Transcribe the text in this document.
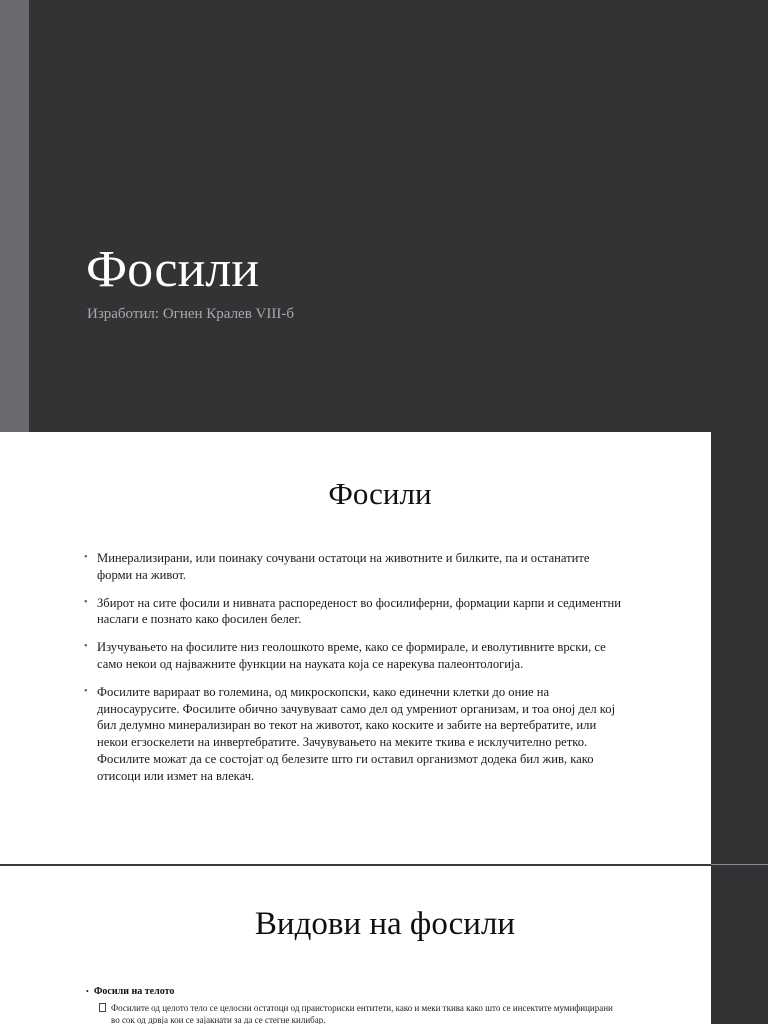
Фосили
Изработил: Огнен Кралев VIII-б
Фосили
• Минерализирани, или поинаку сочувани остатоци на животните и билките, па и останатите форми на живот.
• Збирот на сите фосили и нивната распореденост во фосилиферни, формации карпи и седиментни наслаги е познато како фосилен белег.
• Изучувањето на фосилите низ геолошкото време, како се формирале, и еволутивните врски, се само некои од најважните функции на науката која се нарекува палеонтологија.
• Фосилите варираат во големина, од микроскопски, како единечни клетки до оние на диносаурусите. Фосилите обично зачувуваат само дел од умрениот организам, и тоа оној дел кој бил делумно минерализиран во текот на животот, како коските и забите на вертебратите, или некои егзоскелети на инвертебратите. Зачувувањето на меките ткива е исклучително ретко. Фосилите можат да се состојат од белезите што ги оставил организмот додека бил жив, како отисоци или измет на влекач.
Видови на фосили
• Фосили на телото
Фосилите од целото тело се целосни остатоци од праисториски ентитети, како и меки ткива како што се инсектите мумифицирани во сок од дрвја кои се зајакнати за да се стегне килибар.
